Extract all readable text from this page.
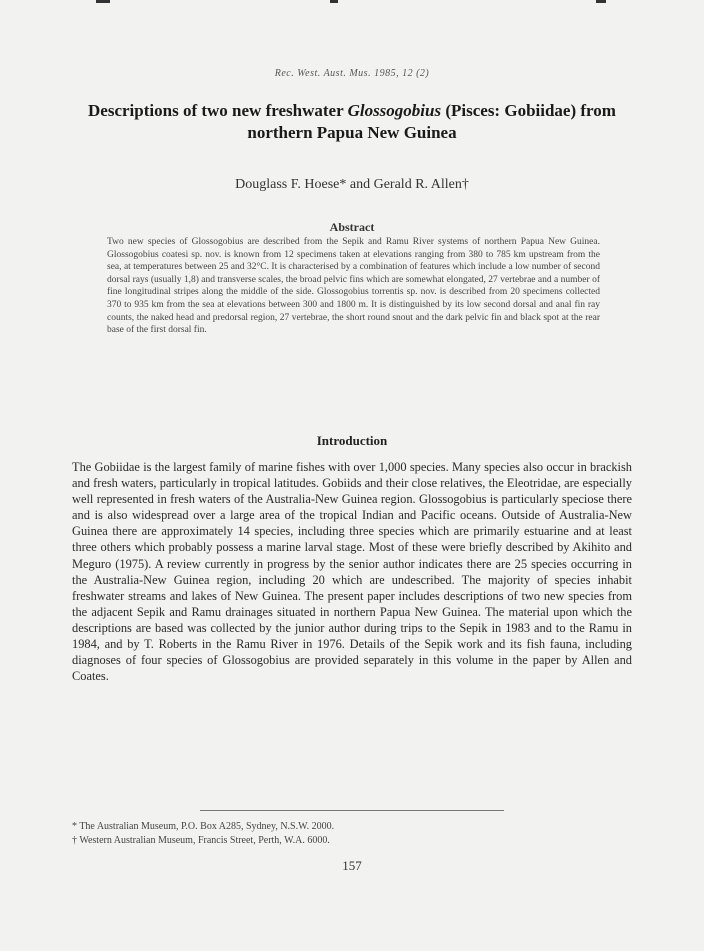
Rec. West. Aust. Mus. 1985, 12 (2)
Descriptions of two new freshwater Glossogobius (Pisces: Gobiidae) from northern Papua New Guinea
Douglass F. Hoese* and Gerald R. Allen†
Abstract
Two new species of Glossogobius are described from the Sepik and Ramu River systems of northern Papua New Guinea. Glossogobius coatesi sp. nov. is known from 12 specimens taken at elevations ranging from 380 to 785 km upstream from the sea, at temperatures between 25 and 32°C. It is characterised by a combination of features which include a low number of second dorsal rays (usually 1,8) and transverse scales, the broad pelvic fins which are somewhat elongated, 27 vertebrae and a number of fine longitudinal stripes along the middle of the side. Glossogobius torrentis sp. nov. is described from 20 specimens collected 370 to 935 km from the sea at elevations between 300 and 1800 m. It is distinguished by its low second dorsal and anal fin ray counts, the naked head and predorsal region, 27 vertebrae, the short round snout and the dark pelvic fin and black spot at the rear base of the first dorsal fin.
Introduction
The Gobiidae is the largest family of marine fishes with over 1,000 species. Many species also occur in brackish and fresh waters, particularly in tropical latitudes. Gobiids and their close relatives, the Eleotridae, are especially well represented in fresh waters of the Australia-New Guinea region. Glossogobius is particularly speciose there and is also widespread over a large area of the tropical Indian and Pacific oceans. Outside of Australia-New Guinea there are approximately 14 species, including three species which are primarily estuarine and at least three others which probably possess a marine larval stage. Most of these were briefly described by Akihito and Meguro (1975). A review currently in progress by the senior author indicates there are 25 species occurring in the Australia-New Guinea region, including 20 which are undescribed. The majority of species inhabit freshwater streams and lakes of New Guinea. The present paper includes descriptions of two new species from the adjacent Sepik and Ramu drainages situated in northern Papua New Guinea. The material upon which the descriptions are based was collected by the junior author during trips to the Sepik in 1983 and to the Ramu in 1984, and by T. Roberts in the Ramu River in 1976. Details of the Sepik work and its fish fauna, including diagnoses of four species of Glossogobius are provided separately in this volume in the paper by Allen and Coates.
* The Australian Museum, P.O. Box A285, Sydney, N.S.W. 2000.
† Western Australian Museum, Francis Street, Perth, W.A. 6000.
157
